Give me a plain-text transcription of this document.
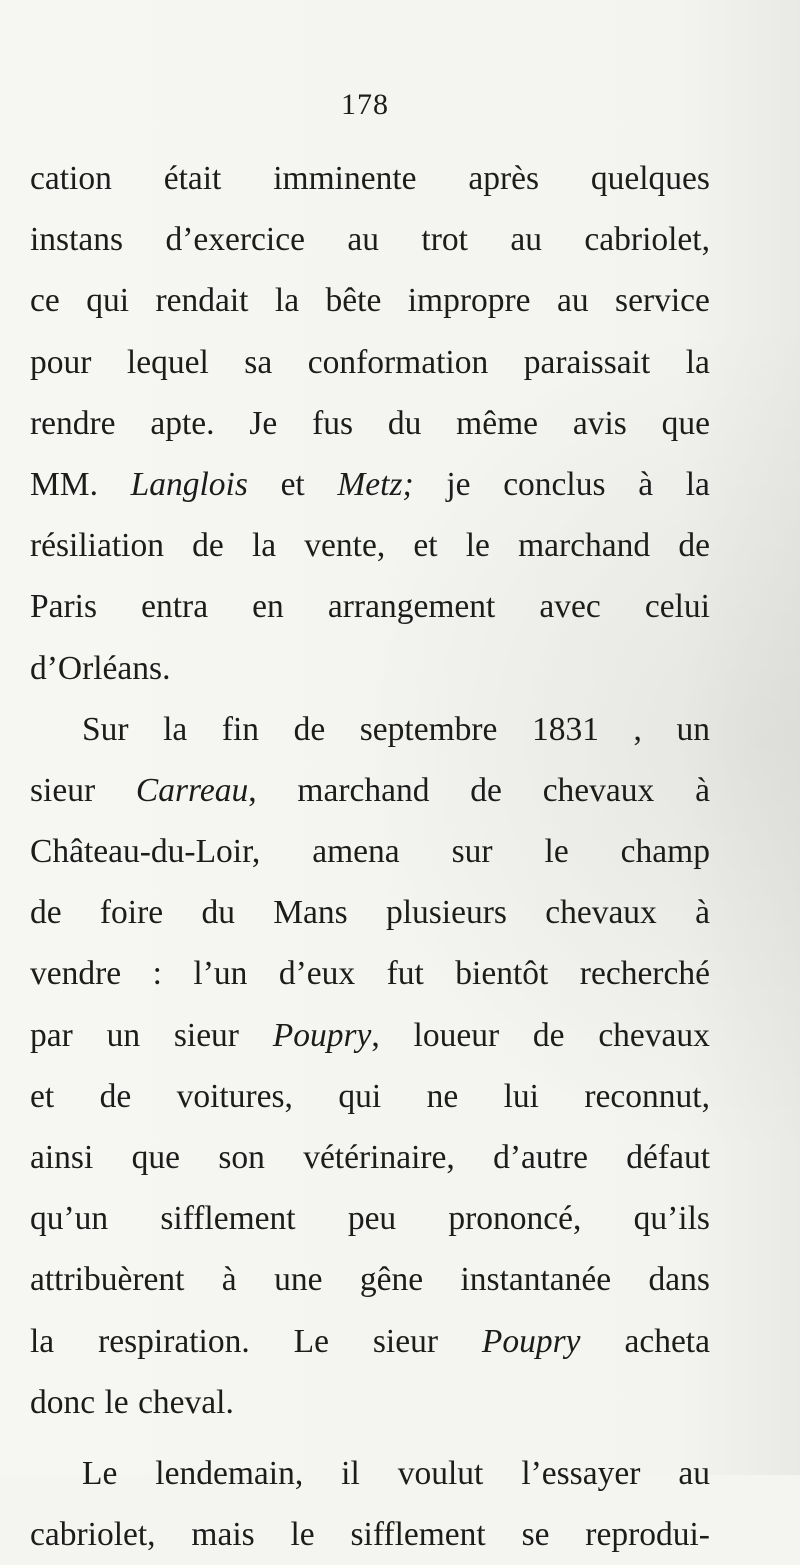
178
cation était imminente après quelques
instans d’exercice au trot au cabriolet,
ce qui rendait la bête impropre au service
pour lequel sa conformation paraissait la
rendre apte. Je fus du même avis que
MM. Langlois et Metz; je conclus à la
résiliation de la vente, et le marchand de
Paris entra en arrangement avec celui
d’Orléans.
Sur la fin de septembre 1831 , un
sieur Carreau, marchand de chevaux à
Château-du-Loir, amena sur le champ
de foire du Mans plusieurs chevaux à
vendre : l’un d’eux fut bientôt recherché
par un sieur Poupry, loueur de chevaux
et de voitures, qui ne lui reconnut,
ainsi que son vétérinaire, d’autre défaut
qu’un sifflement peu prononcé, qu’ils
attribuèrent à une gêne instantanée dans
la respiration. Le sieur Poupry acheta
donc le cheval.
Le lendemain, il voulut l’essayer au
cabriolet, mais le sifflement se reprodui-
